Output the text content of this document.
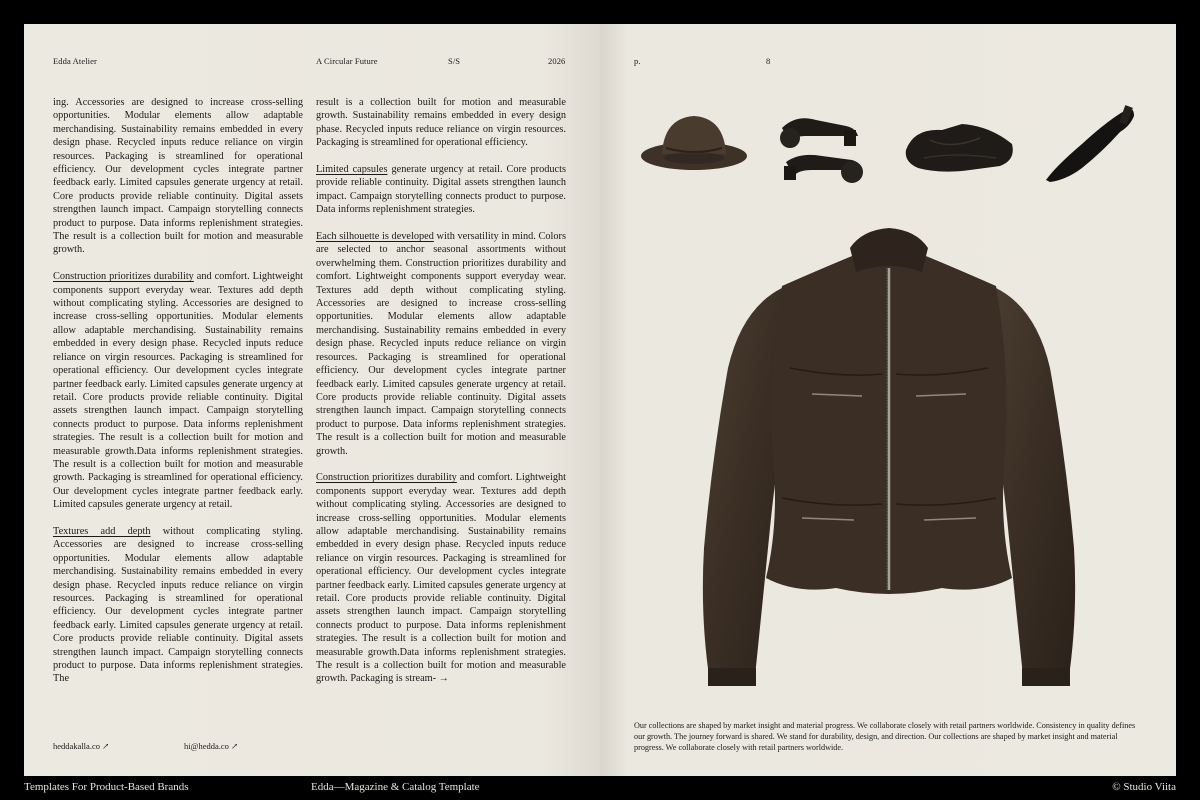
Edda Atelier	A Circular Future	S/S	2026

ing. Accessories are designed to increase cross-selling opportunities. Modular elements allow adaptable merchandising. Sustainability remains embedded in every design phase. Recycled inputs reduce reliance on virgin resources. Packaging is streamlined for operational efficiency. Our development cycles integrate partner feedback early. Limited capsules generate urgency at retail. Core products provide reliable continuity. Digital assets strengthen launch impact. Campaign storytelling connects product to purpose. Data informs replenishment strategies. The result is a collection built for motion and measurable growth.

Construction prioritizes durability and comfort. Lightweight components support everyday wear. Textures add depth without complicating styling. Accessories are designed to increase cross-selling opportunities. Modular elements allow adaptable merchandising. Sustainability remains embedded in every design phase. Recycled inputs reduce reliance on virgin resources. Packaging is streamlined for operational efficiency. Our development cycles integrate partner feedback early. Limited capsules generate urgency at retail. Core products provide reliable continuity. Digital assets strengthen launch impact. Campaign storytelling connects product to purpose. Data informs replenishment strategies. The result is a collection built for motion and measurable growth.Data informs replenishment strategies. The result is a collection built for motion and measurable growth. Packaging is streamlined for operational efficiency. Our development cycles integrate partner feedback early. Limited capsules generate urgency at retail.

Textures add depth without complicating styling. Accessories are designed to increase cross-selling opportunities. Modular elements allow adaptable merchandising. Sustainability remains embedded in every design phase. Recycled inputs reduce reliance on virgin resources. Packaging is streamlined for operational efficiency. Our development cycles integrate partner feedback early. Limited capsules generate urgency at retail. Core products provide reliable continuity. Digital assets strengthen launch impact. Campaign storytelling connects product to purpose. Data informs replenishment strategies. The

result is a collection built for motion and measurable growth. Sustainability remains embedded in every design phase. Recycled inputs reduce reliance on virgin resources. Packaging is streamlined for operational efficiency.

Limited capsules generate urgency at retail. Core products provide reliable continuity. Digital assets strengthen launch impact. Campaign storytelling connects product to purpose. Data informs replenishment strategies.

Each silhouette is developed with versatility in mind. Colors are selected to anchor seasonal assortments without overwhelming them. Construction prioritizes durability and comfort. Lightweight components support everyday wear. Textures add depth without complicating styling. Accessories are designed to increase cross-selling opportunities. Modular elements allow adaptable merchandising. Sustainability remains embedded in every design phase. Recycled inputs reduce reliance on virgin resources. Packaging is streamlined for operational efficiency. Our development cycles integrate partner feedback early. Limited capsules generate urgency at retail. Core products provide reliable continuity. Digital assets strengthen launch impact. Campaign storytelling connects product to purpose. Data informs replenishment strategies. The result is a collection built for motion and measurable growth.

Construction prioritizes durability and comfort. Lightweight components support everyday wear. Textures add depth without complicating styling. Accessories are designed to increase cross-selling opportunities. Modular elements allow adaptable merchandising. Sustainability remains embedded in every design phase. Recycled inputs reduce reliance on virgin resources. Packaging is streamlined for operational efficiency. Our development cycles integrate partner feedback early. Limited capsules generate urgency at retail. Core products provide reliable continuity. Digital assets strengthen launch impact. Campaign storytelling connects product to purpose. Data informs replenishment strategies. The result is a collection built for motion and measurable growth.Data informs replenishment strategies. The result is a collection built for motion and measurable growth. Packaging is stream- →

heddakalla.co ↗	hi@hedda.co ↗
p.	8

Our collections are shaped by market insight and material progress. We collaborate closely with retail partners worldwide. Consistency in quality defines our growth. The journey forward is shared. We stand for durability, design, and direction. Our collections are shaped by market insight and material progress. We collaborate closely with retail partners worldwide.

Templates For Product-Based Brands	Edda—Magazine & Catalog Template	© Studio Viita
